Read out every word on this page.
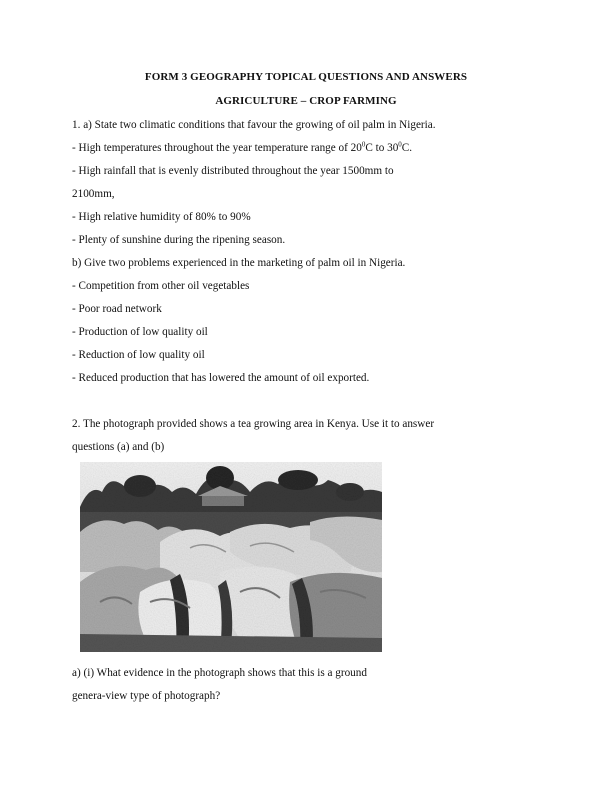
FORM 3 GEOGRAPHY TOPICAL QUESTIONS AND ANSWERS
AGRICULTURE – CROP FARMING
1. a) State two climatic conditions that favour the growing of oil palm in Nigeria.
- High temperatures throughout the year temperature range of $20^0C$ to $30^0C$.
- High rainfall that is evenly distributed throughout the year 1500mm to
2100mm,
- High relative humidity of 80% to 90%
- Plenty of sunshine during the ripening season.
b) Give two problems experienced in the marketing of palm oil in Nigeria.
- Competition from other oil vegetables
- Poor road network
- Production of low quality oil
- Reduction of low quality oil
- Reduced production that has lowered the amount of oil exported.
2. The photograph provided shows a tea growing area in Kenya. Use it to answer
questions (a) and (b)
a) (i) What evidence in the photograph shows that this is a ground
genera-view type of photograph?
